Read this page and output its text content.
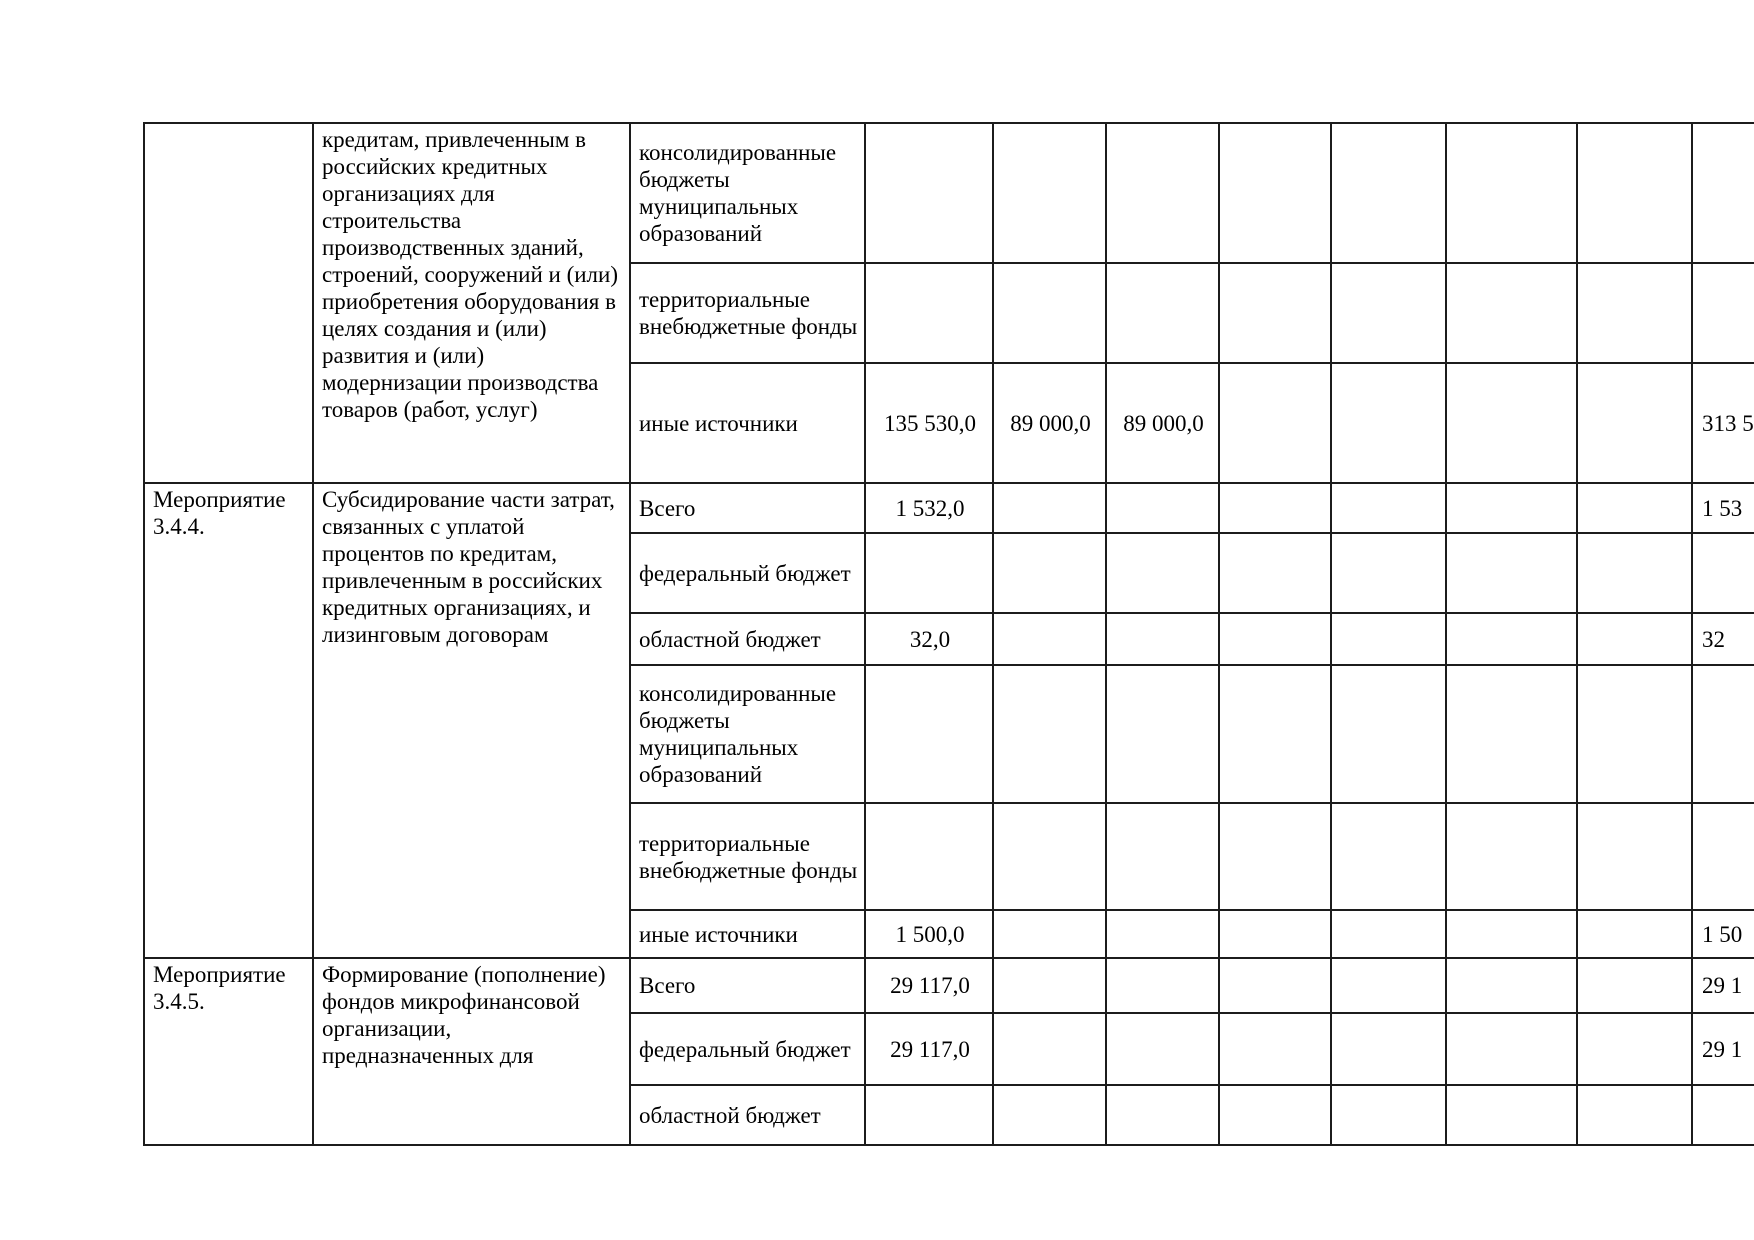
	кредитам, привлеченным в российских кредитных организациях для строительства производственных зданий, строений, сооружений и (или) приобретения оборудования в целях создания и (или) развития и (или) модернизации производства товаров (работ, услуг)	консолидированные бюджеты муниципальных образований								
		территориальные внебюджетные фонды								
		иные источники	135 530,0	89 000,0	89 000,0					313 5
Мероприятие 3.4.4.	Субсидирование части затрат, связанных с уплатой процентов по кредитам, привлеченным в российских кредитных организациях, и лизинговым договорам	Всего	1 532,0							1 53
		федеральный бюджет								
		областной бюджет	32,0							32
		консолидированные бюджеты муниципальных образований								
		территориальные внебюджетные фонды								
		иные источники	1 500,0							1 50
Мероприятие 3.4.5.	Формирование (пополнение) фондов микрофинансовой организации, предназначенных для	Всего	29 117,0							29 1
		федеральный бюджет	29 117,0							29 1
		областной бюджет								
